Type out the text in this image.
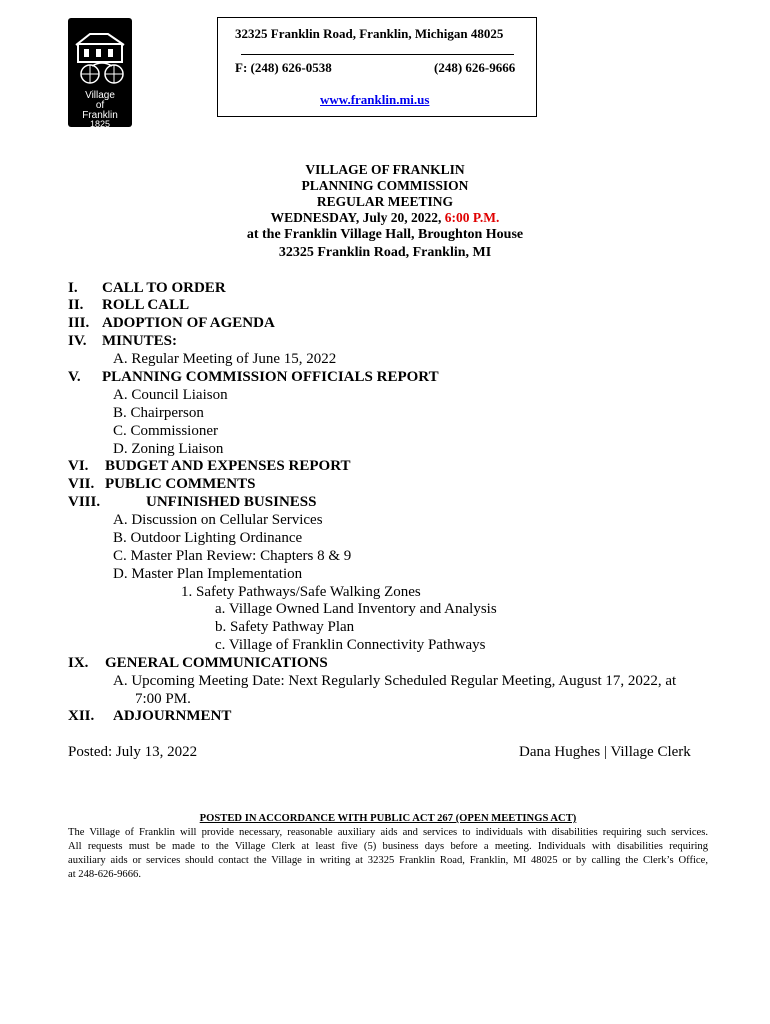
Village
of
Franklin
1825
32325 Franklin Road, Franklin, Michigan 48025
F: (248) 626-0538	(248) 626-9666
www.franklin.mi.us
VILLAGE OF FRANKLIN
PLANNING COMMISSION
REGULAR MEETING
WEDNESDAY, July 20, 2022, 6:00 P.M.
at the Franklin Village Hall, Broughton House
32325 Franklin Road, Franklin, MI
I. CALL TO ORDER
II. ROLL CALL
III. ADOPTION OF AGENDA
IV. MINUTES:
A. Regular Meeting of June 15, 2022
V. PLANNING COMMISSION OFFICIALS REPORT
A. Council Liaison
B. Chairperson
C. Commissioner
D. Zoning Liaison
VI. BUDGET AND EXPENSES REPORT
VII. PUBLIC COMMENTS
VIII.	UNFINISHED BUSINESS
A. Discussion on Cellular Services
B. Outdoor Lighting Ordinance
C. Master Plan Review: Chapters 8 & 9
D. Master Plan Implementation
1. Safety Pathways/Safe Walking Zones
a. Village Owned Land Inventory and Analysis
b. Safety Pathway Plan
c. Village of Franklin Connectivity Pathways
IX. GENERAL COMMUNICATIONS
A. Upcoming Meeting Date: Next Regularly Scheduled Regular Meeting, August 17, 2022, at
7:00 PM.
XII. ADJOURNMENT
Posted: July 13, 2022	Dana Hughes | Village Clerk
POSTED IN ACCORDANCE WITH PUBLIC ACT 267 (OPEN MEETINGS ACT)
The Village of Franklin will provide necessary, reasonable auxiliary aids and services to individuals with disabilities requiring such services.
All requests must be made to the Village Clerk at least five (5) business days before a meeting. Individuals with disabilities requiring
auxiliary aids or services should contact the Village in writing at 32325 Franklin Road, Franklin, MI 48025 or by calling the Clerk’s Office,
at 248-626-9666.
